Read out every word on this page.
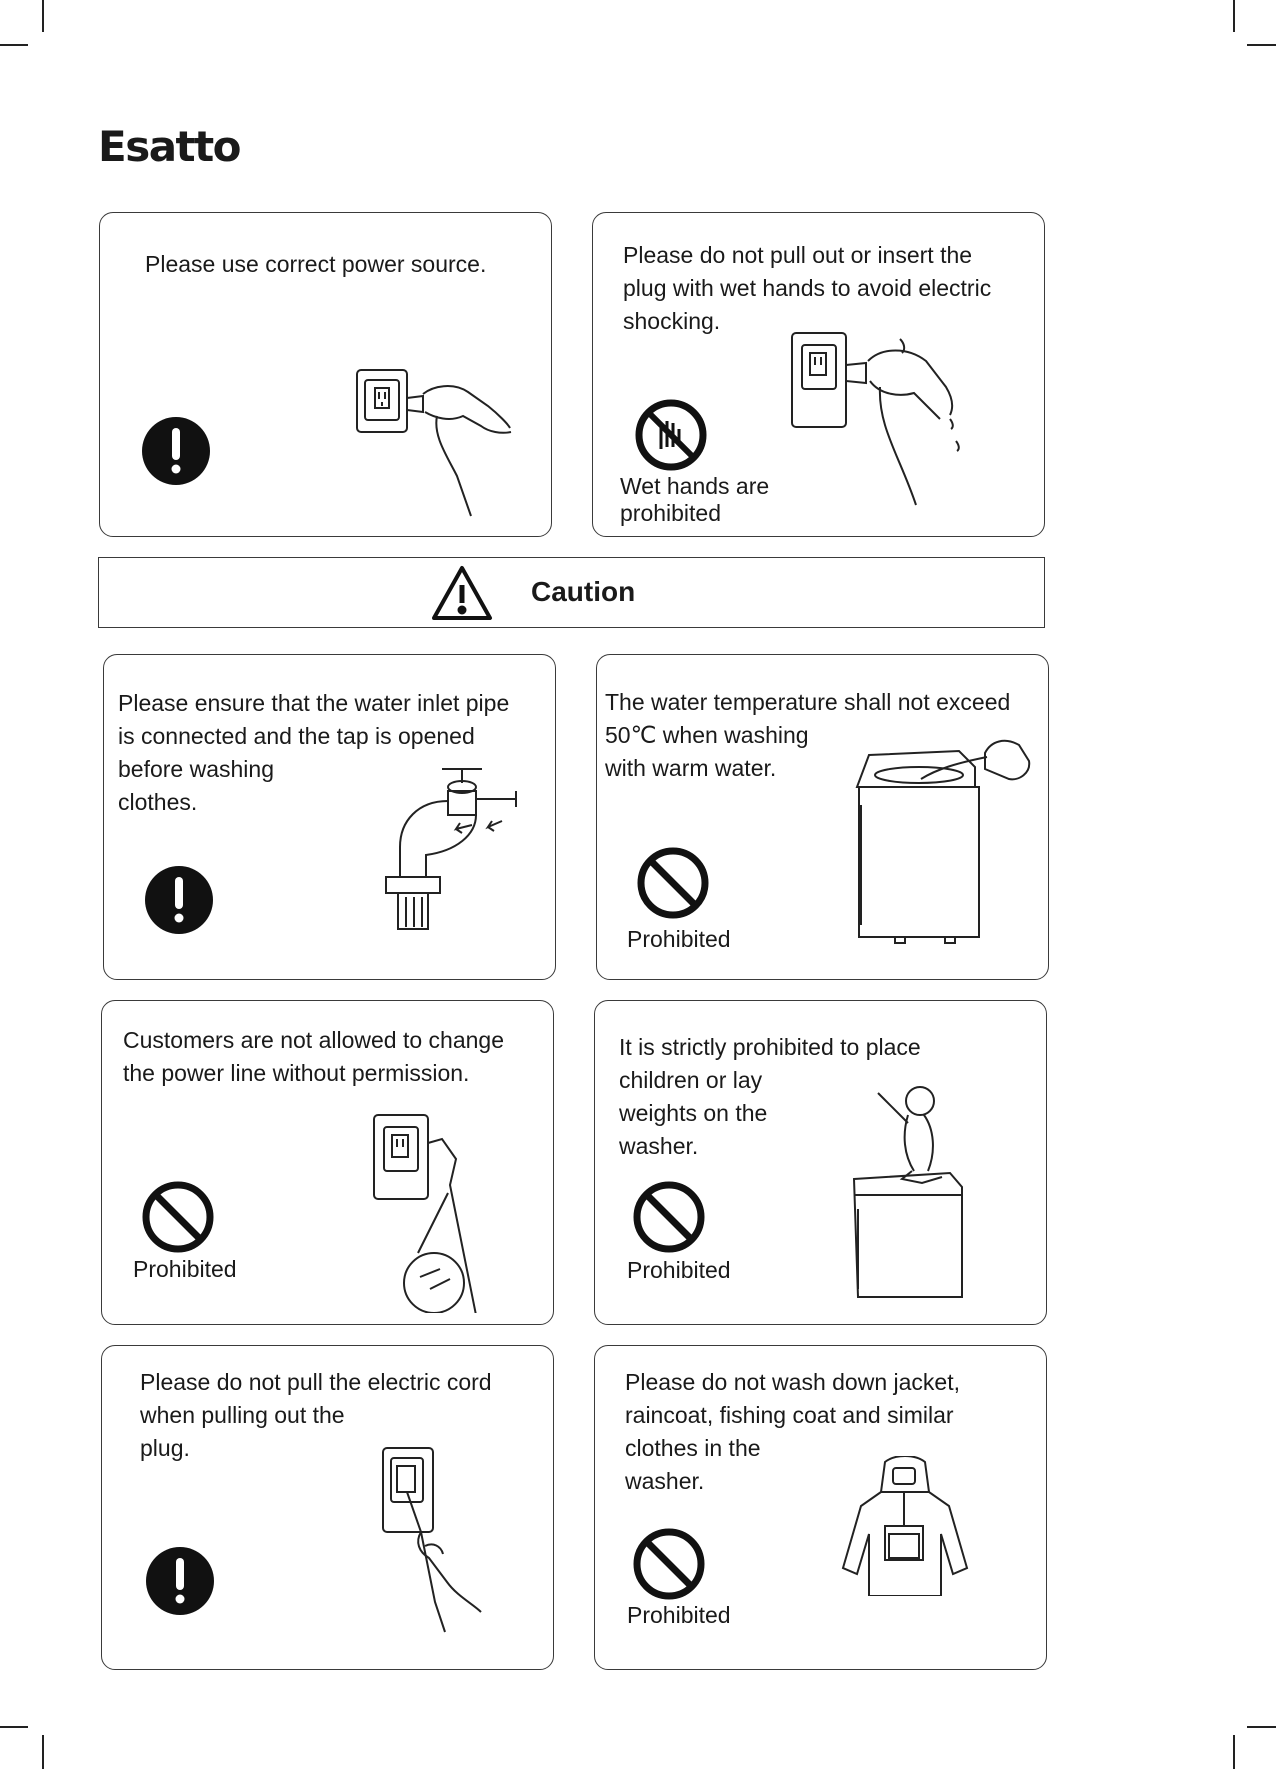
Esatto
Please use correct power source.	Please do not pull out or insert the
plug with wet hands to avoid electric
shocking.
Wet hands are
prohibited
Caution
Please ensure that the water inlet pipe
is connected and the tap is opened
before washing
clothes.
The water temperature shall not exceed
50℃ when washing
with warm water.
Prohibited
Customers are not allowed to change
the power line without permission.
Prohibited
It is strictly prohibited to place
children or lay
weights on the
washer.
Prohibited
Please do not pull the electric cord
when pulling out the
plug.
Please do not wash down jacket,
raincoat, fishing coat and similar
clothes in the
washer.
Prohibited
